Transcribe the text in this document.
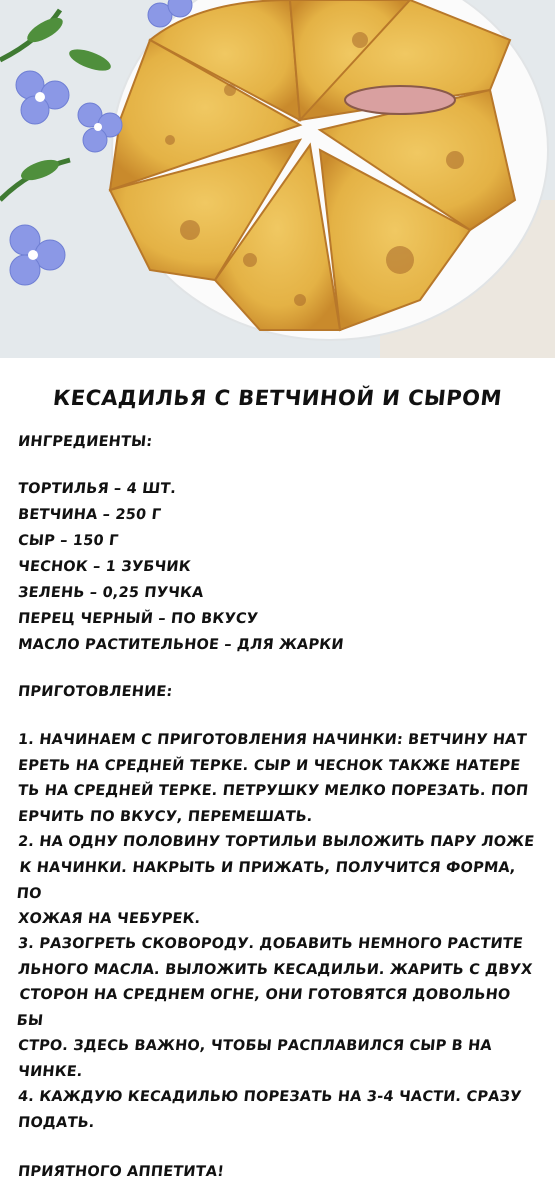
КЕСАДИЛЬЯ С ВЕТЧИНОЙ И СЫРОМ
ИНГРЕДИЕНТЫ:
ТОРТИЛЬЯ – 4 ШТ.
ВЕТЧИНА – 250 Г
СЫР – 150 Г
ЧЕСНОК – 1 ЗУБЧИК
ЗЕЛЕНЬ – 0,25 ПУЧКА
ПЕРЕЦ ЧЕРНЫЙ – ПО ВКУСУ
МАСЛО РАСТИТЕЛЬНОЕ – ДЛЯ ЖАРКИ
ПРИГОТОВЛЕНИЕ:
1. НАЧИНАЕМ С ПРИГОТОВЛЕНИЯ НАЧИНКИ: ВЕТЧИНУ НАТ
ЕРЕТЬ НА СРЕДНЕЙ ТЕРКЕ. СЫР И ЧЕСНОК ТАКЖЕ НАТЕРЕ
ТЬ НА СРЕДНЕЙ ТЕРКЕ. ПЕТРУШКУ МЕЛКО ПОРЕЗАТЬ. ПОП
ЕРЧИТЬ ПО ВКУСУ, ПЕРЕМЕШАТЬ.
2. НА ОДНУ ПОЛОВИНУ ТОРТИЛЬИ ВЫЛОЖИТЬ ПАРУ ЛОЖЕ
К НАЧИНКИ. НАКРЫТЬ И ПРИЖАТЬ, ПОЛУЧИТСЯ ФОРМА, ПО
ХОЖАЯ НА ЧЕБУРЕК.
3. РАЗОГРЕТЬ СКОВОРОДУ. ДОБАВИТЬ НЕМНОГО РАСТИТЕ
ЛЬНОГО МАСЛА. ВЫЛОЖИТЬ КЕСАДИЛЬИ. ЖАРИТЬ С ДВУХ
СТОРОН НА СРЕДНЕМ ОГНЕ, ОНИ ГОТОВЯТСЯ ДОВОЛЬНО БЫ
СТРО. ЗДЕСЬ ВАЖНО, ЧТОБЫ РАСПЛАВИЛСЯ СЫР В НА
ЧИНКЕ.
4. КАЖДУЮ КЕСАДИЛЬЮ ПОРЕЗАТЬ НА 3-4 ЧАСТИ. СРАЗУ
ПОДАТЬ.
ПРИЯТНОГО АППЕТИТА!
